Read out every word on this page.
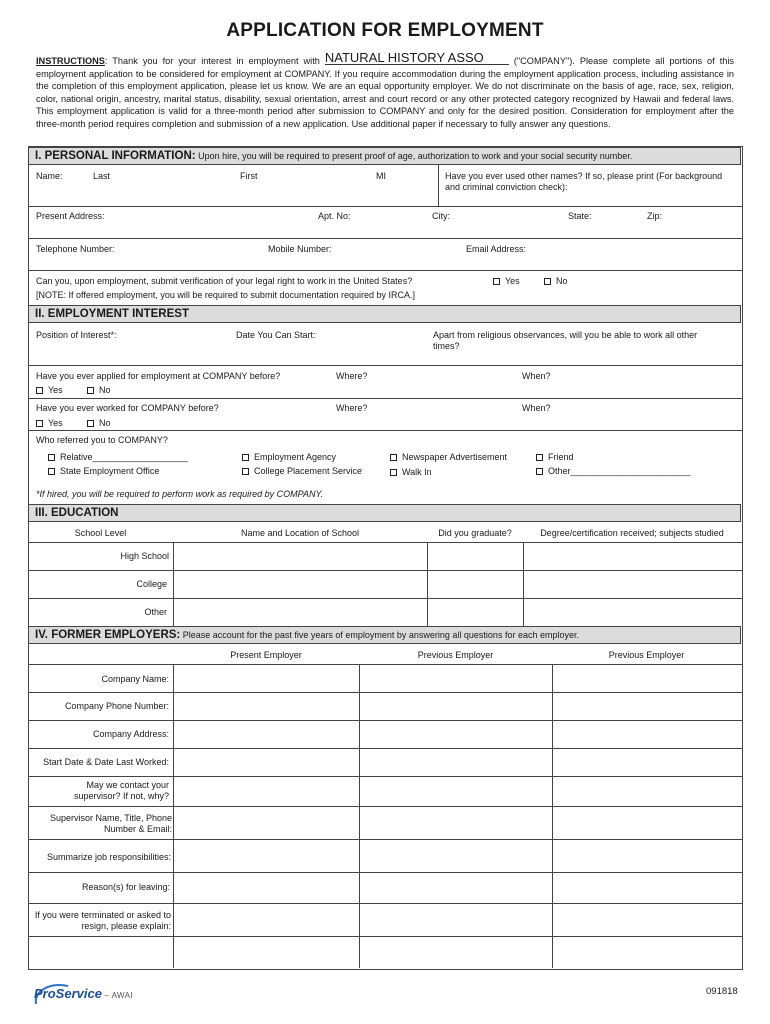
APPLICATION FOR EMPLOYMENT
INSTRUCTIONS: Thank you for your interest in employment with NATURAL HISTORY ASSO	("COMPANY"). Please complete all portions of this employment application to be considered for employment at COMPANY. If you require accommodation during the employment application process, including assistance in the completion of this employment application, please let us know. We are an equal opportunity employer. We do not discriminate on the basis of age, race, sex, religion, color, national origin, ancestry, marital status, disability, sexual orientation, arrest and court record or any other protected category recognized by Hawaii and federal laws. This employment application is valid for a three-month period after submission to COMPANY and only for the desired position. Consideration for employment after the three-month period requires completion and submission of a new application. Use additional paper if necessary to fully answer any questions.
I. PERSONAL INFORMATION: Upon hire, you will be required to present proof of age, authorization to work and your social security number.
Name:	Last	First	MI	Have you ever used other names? If so, please print (For background and criminal conviction check):
Present Address:	Apt. No:	City:	State:	Zip:
Telephone Number:	Mobile Number:	Email Address:
Can you, upon employment, submit verification of your legal right to work in the United States?
[NOTE: If offered employment, you will be required to submit documentation required by IRCA.]
Yes	No
II. EMPLOYMENT INTEREST
Position of Interest*:	Date You Can Start:	Apart from religious observances, will you be able to work all other times?
Have you ever applied for employment at COMPANY before?	Where?	When?
Yes	No
Have you ever worked for COMPANY before?	Where?	When?
Yes	No
Who referred you to COMPANY?
Relative___________________
State Employment Office
Employment Agency
College Placement Service
Newspaper Advertisement
Walk In
Friend
Other________________________
*If hired, you will be required to perform work as required by COMPANY.
III. EDUCATION
School Level	Name and Location of School	Did you graduate?	Degree/certification received; subjects studied
High School
College
Other
IV. FORMER EMPLOYERS: Please account for the past five years of employment by answering all questions for each employer.
Present Employer	Previous Employer	Previous Employer
Company Name:
Company Phone Number:
Company Address:
Start Date & Date Last Worked:
May we contact your supervisor? If not, why?
Supervisor Name, Title, Phone Number & Email:
Summarize job responsibilities:
Reason(s) for leaving:
If you were terminated or asked to resign, please explain:
ProService – AWAI	091818
